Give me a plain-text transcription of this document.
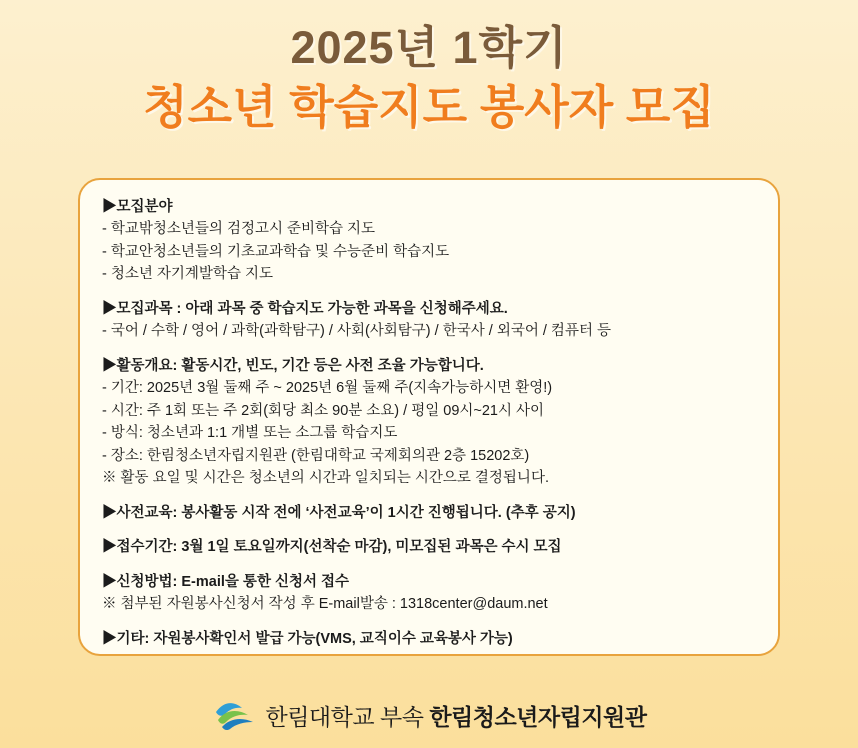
2025년 1학기
청소년 학습지도 봉사자 모집
▶모집분야
- 학교밖청소년들의 검정고시 준비학습 지도
- 학교안청소년들의 기초교과학습 및 수능준비 학습지도
- 청소년 자기계발학습 지도
▶모집과목 : 아래 과목 중 학습지도 가능한 과목을 신청해주세요.
- 국어 / 수학 / 영어 / 과학(과학탐구) / 사회(사회탐구) / 한국사 / 외국어 / 컴퓨터 등
▶활동개요: 활동시간, 빈도, 기간 등은 사전 조율 가능합니다.
- 기간: 2025년 3월 둘째 주 ~ 2025년 6월 둘째 주(지속가능하시면 환영!)
- 시간: 주 1회 또는 주 2회(회당 최소 90분 소요) / 평일 09시~21시 사이
- 방식: 청소년과 1:1 개별 또는 소그룹 학습지도
- 장소: 한림청소년자립지원관 (한림대학교 국제회의관 2층 15202호)
※ 활동 요일 및 시간은 청소년의 시간과 일치되는 시간으로 결정됩니다.
▶사전교육: 봉사활동 시작 전에 ‘사전교육’이 1시간 진행됩니다. (추후 공지)
▶접수기간: 3월 1일 토요일까지(선착순 마감), 미모집된 과목은 수시 모집
▶신청방법: E-mail을 통한 신청서 접수
※ 첨부된 자원봉사신청서 작성 후 E-mail발송 : 1318center@daum.net
▶기타: 자원봉사확인서 발급 가능(VMS, 교직이수 교육봉사 가능)
한림대학교 부속 한림청소년자립지원관
